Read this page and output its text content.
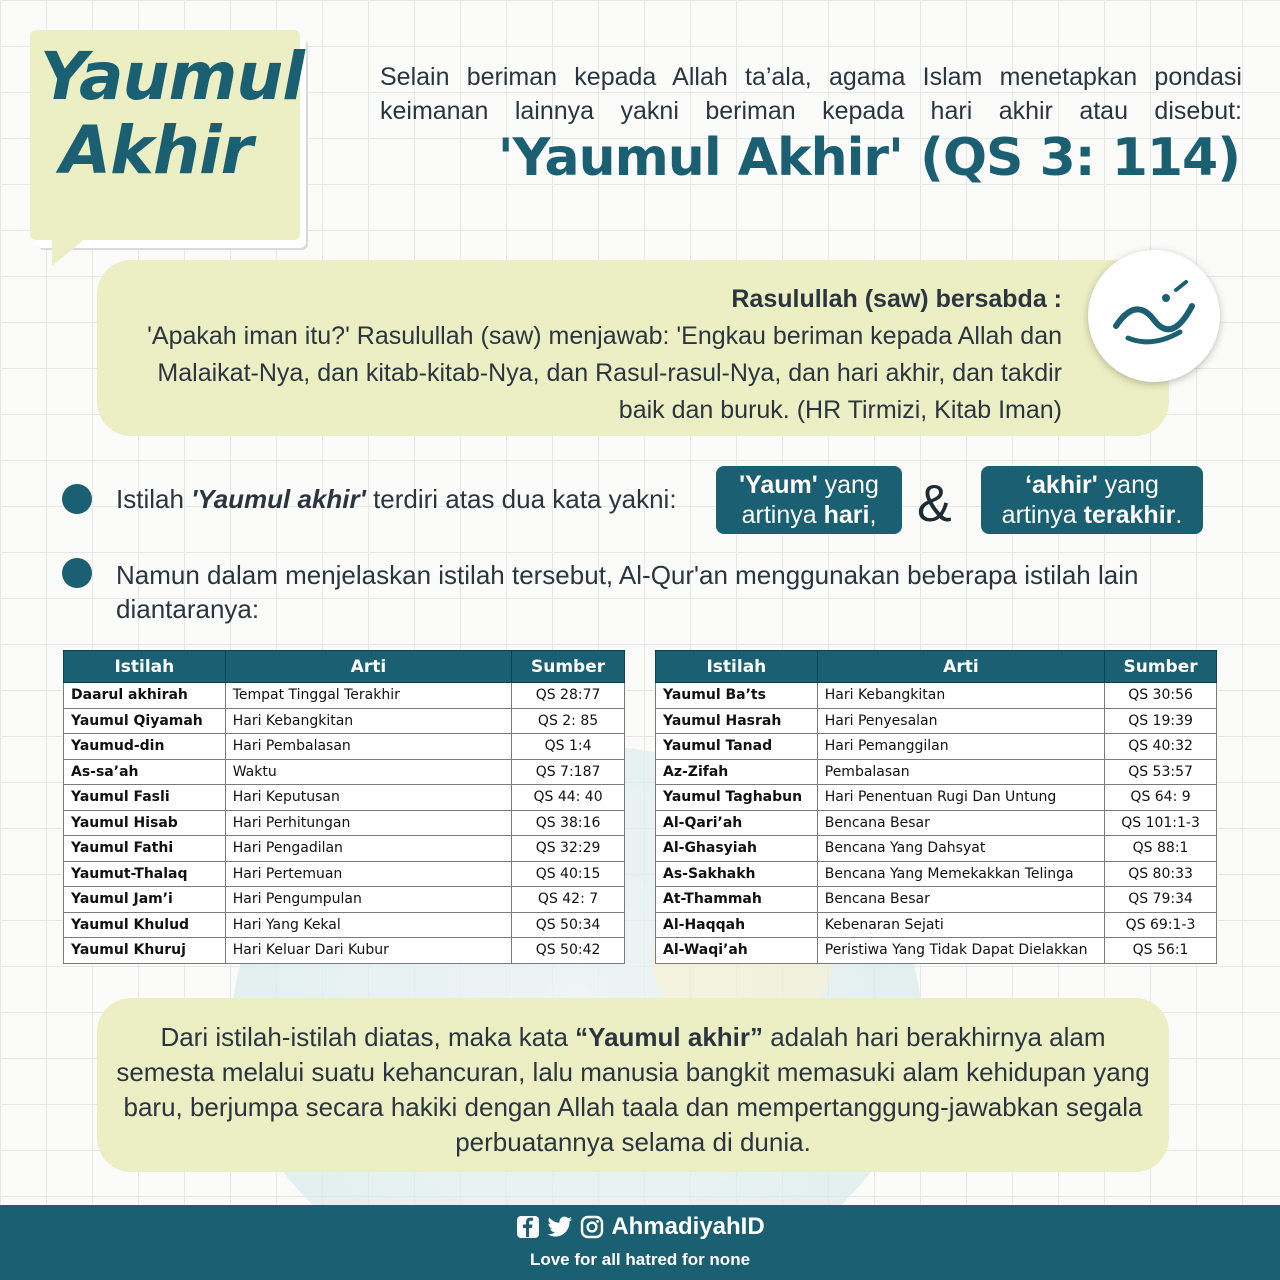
Yaumul
Akhir
Selain beriman kepada Allah ta’ala, agama Islam menetapkan pondasi keimanan lainnya yakni beriman kepada hari akhir atau disebut:
'Yaumul Akhir' (QS 3: 114)
Rasulullah (saw) bersabda :
'Apakah iman itu?' Rasulullah (saw) menjawab: 'Engkau beriman kepada Allah dan Malaikat-Nya, dan kitab-kitab-Nya, dan Rasul-rasul-Nya, dan hari akhir, dan takdir baik dan buruk. (HR Tirmizi, Kitab Iman)
Istilah 'Yaumul akhir' terdiri atas dua kata yakni:	'Yaum' yang
artinya hari, &	‘akhir' yang
artinya terakhir.
Namun dalam menjelaskan istilah tersebut, Al-Qur'an menggunakan beberapa istilah lain diantaranya:
Istilah	Arti	Sumber
Daarul akhirah	Tempat Tinggal Terakhir	QS 28:77
Yaumul Qiyamah	Hari Kebangkitan	QS 2: 85
Yaumud-din	Hari Pembalasan	QS 1:4
As-sa’ah	Waktu	QS 7:187
Yaumul Fasli	Hari Keputusan	QS 44: 40
Yaumul Hisab	Hari Perhitungan	QS 38:16
Yaumul Fathi	Hari Pengadilan	QS 32:29
Yaumut-Thalaq	Hari Pertemuan	QS 40:15
Yaumul Jam’i	Hari Pengumpulan	QS 42: 7
Yaumul Khulud	Hari Yang Kekal	QS 50:34
Yaumul Khuruj	Hari Keluar Dari Kubur	QS 50:42
Istilah	Arti	Sumber
Yaumul Ba’ts	Hari Kebangkitan	QS 30:56
Yaumul Hasrah	Hari Penyesalan	QS 19:39
Yaumul Tanad	Hari Pemanggilan	QS 40:32
Az-Zifah	Pembalasan	QS 53:57
Yaumul Taghabun	Hari Penentuan Rugi Dan Untung	QS 64: 9
Al-Qari’ah	Bencana Besar	QS 101:1-3
Al-Ghasyiah	Bencana Yang Dahsyat	QS 88:1
As-Sakhakh	Bencana Yang Memekakkan Telinga	QS 80:33
At-Thammah	Bencana Besar	QS 79:34
Al-Haqqah	Kebenaran Sejati	QS 69:1-3
Al-Waqi’ah	Peristiwa Yang Tidak Dapat Dielakkan	QS 56:1
Dari istilah-istilah diatas, maka kata “Yaumul akhir” adalah hari berakhirnya alam semesta melalui suatu kehancuran, lalu manusia bangkit memasuki alam kehidupan yang baru, berjumpa secara hakiki dengan Allah taala dan mempertanggung-jawabkan segala perbuatannya selama di dunia.
AhmadiyahID
Love for all hatred for none
